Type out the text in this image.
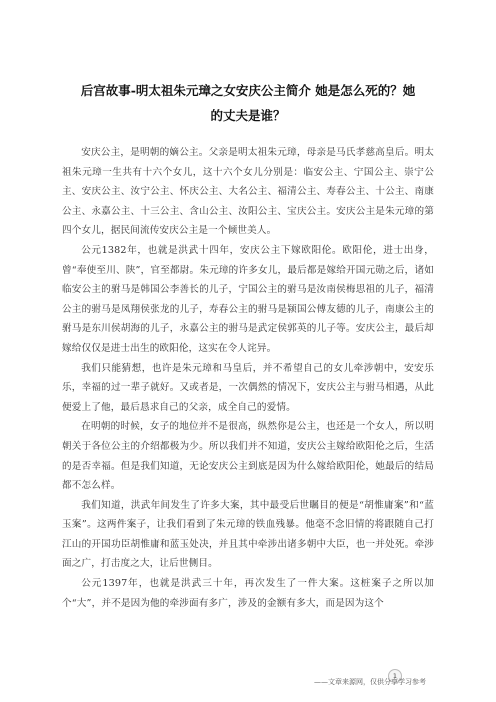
后宫故事-明太祖朱元璋之女安庆公主简介 她是怎么死的？她
的丈夫是谁？

安庆公主，是明朝的嫡公主。父亲是明太祖朱元璋，母亲是马氏孝慈高皇后。明太祖朱元璋一生共有十六个女儿，这十六个女儿分别是：临安公主、宁国公主、崇宁公主、安庆公主、汝宁公主、怀庆公主、大名公主、福清公主、寿春公主、十公主、南康公主、永嘉公主、十三公主、含山公主、汝阳公主、宝庆公主。安庆公主是朱元璋的第四个女儿，据民间流传安庆公主是一个倾世美人。

公元1382年，也就是洪武十四年，安庆公主下嫁欧阳伦。欧阳伦，进士出身，曾“奉使至川、陕”，官至都尉。朱元璋的许多女儿，最后都是嫁给开国元勋之后，诸如临安公主的驸马是韩国公李善长的儿子，宁国公主的驸马是汝南侯梅思祖的儿子，福清公主的驸马是凤翔侯张龙的儿子，寿春公主的驸马是颍国公傅友德的儿子，南康公主的驸马是东川侯胡海的儿子，永嘉公主的驸马是武定侯郭英的儿子等。安庆公主，最后却嫁给仅仅是进士出生的欧阳伦，这实在令人诧异。

我们只能猜想，也许是朱元璋和马皇后，并不希望自己的女儿牵涉朝中，安安乐乐，幸福的过一辈子就好。又或者是，一次偶然的情况下，安庆公主与驸马相遇，从此便爱上了他，最后恳求自己的父亲，成全自己的爱情。

在明朝的时候，女子的地位并不是很高，纵然你是公主，也还是一个女人，所以明朝关于各位公主的介绍都极为少。所以我们并不知道，安庆公主嫁给欧阳伦之后，生活的是否幸福。但是我们知道，无论安庆公主到底是因为什么嫁给欧阳伦，她最后的结局都不怎么样。

我们知道，洪武年间发生了许多大案，其中最受后世瞩目的便是“胡惟庸案”和“蓝玉案”。这两件案子，让我们看到了朱元璋的铁血残暴。他毫不念旧情的将跟随自己打江山的开国功臣胡惟庸和蓝玉处决，并且其中牵涉出诸多朝中大臣，也一并处死。牵涉面之广，打击度之大，让后世侧目。

公元1397年，也就是洪武三十年，再次发生了一件大案。这桩案子之所以加个“大”，并不是因为他的牵涉面有多广，涉及的金额有多大，而是因为这个

1
——文章来源网，仅供分享学习参考
